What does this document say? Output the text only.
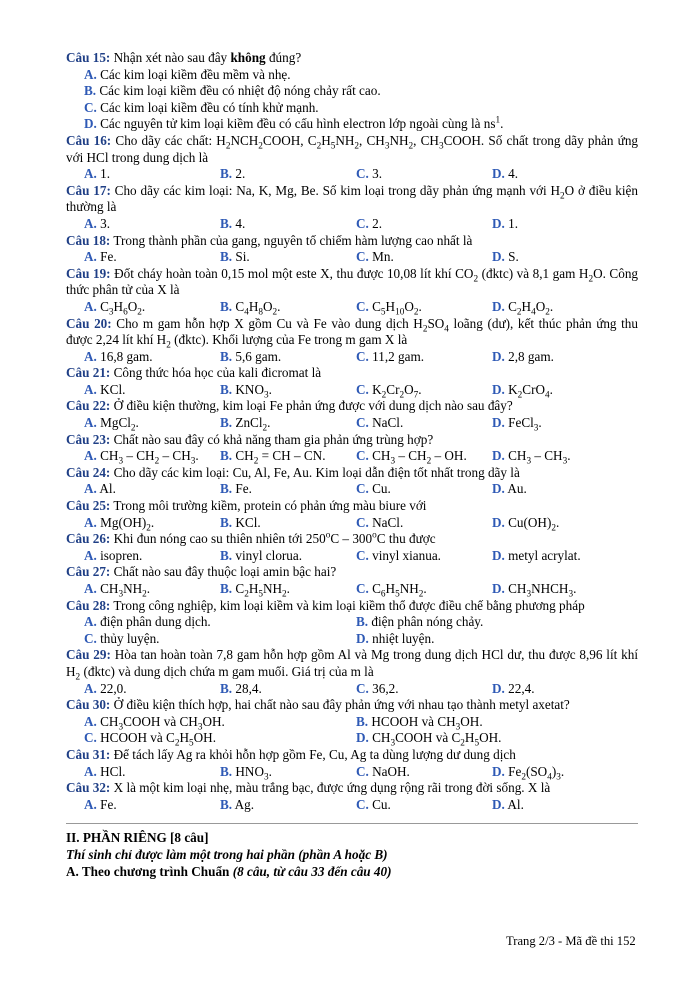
Câu 15: Nhận xét nào sau đây không đúng?
A. Các kim loại kiềm đều mềm và nhẹ.
B. Các kim loại kiềm đều có nhiệt độ nóng chảy rất cao.
C. Các kim loại kiềm đều có tính khử mạnh.
D. Các nguyên tử kim loại kiềm đều có cấu hình electron lớp ngoài cùng là $ns^1$.
Câu 16: Cho dãy các chất: $H_2NCH_2COOH$, $C_2H_5NH_2$, $CH_3NH_2$, $CH_3COOH$. Số chất trong dãy phản ứng với HCl trong dung dịch là
A. 1.	B. 2.	C. 3.	D. 4.
Câu 17: Cho dãy các kim loại: Na, K, Mg, Be. Số kim loại trong dãy phản ứng mạnh với $H_2O$ ở điều kiện thường là
A. 3.	B. 4.	C. 2.	D. 1.
Câu 18: Trong thành phần của gang, nguyên tố chiếm hàm lượng cao nhất là
A. Fe.	B. Si.	C. Mn.	D. S.
Câu 19: Đốt cháy hoàn toàn 0,15 mol một este X, thu được 10,08 lít khí $CO_2$ (đktc) và 8,1 gam $H_2O$. Công thức phân tử của X là
A. $C_3H_6O_2$.	B. $C_4H_8O_2$.	C. $C_5H_{10}O_2$.	D. $C_2H_4O_2$.
Câu 20: Cho m gam hỗn hợp X gồm Cu và Fe vào dung dịch $H_2SO_4$ loãng (dư), kết thúc phản ứng thu được 2,24 lít khí $H_2$ (đktc). Khối lượng của Fe trong m gam X là
A. 16,8 gam.	B. 5,6 gam.	C. 11,2 gam.	D. 2,8 gam.
Câu 21: Công thức hóa học của kali đicromat là
A. KCl.	B. $KNO_3$.	C. $K_2Cr_2O_7$.	D. $K_2CrO_4$.
Câu 22: Ở điều kiện thường, kim loại Fe phản ứng được với dung dịch nào sau đây?
A. MgCl$_2$.	B. ZnCl$_2$.	C. NaCl.	D. FeCl$_3$.
Câu 23: Chất nào sau đây có khả năng tham gia phản ứng trùng hợp?
A. $CH_3 - CH_2 - CH_3$.	B. $CH_2$ = CH – CN.	C. $CH_3 - CH_2$ – OH.	D. $CH_3 - CH_3$.
Câu 24: Cho dãy các kim loại: Cu, Al, Fe, Au. Kim loại dẫn điện tốt nhất trong dãy là
A. Al.	B. Fe.	C. Cu.	D. Au.
Câu 25: Trong môi trường kiềm, protein có phản ứng màu biure với
A. $Mg(OH)_2$.	B. KCl.	C. NaCl.	D. $Cu(OH)_2$.
Câu 26: Khi đun nóng cao su thiên nhiên tới 250$^o$C – 300$^o$C thu được
A. isopren.	B. vinyl clorua.	C. vinyl xianua.	D. metyl acrylat.
Câu 27: Chất nào sau đây thuộc loại amin bậc hai?
A. $CH_3NH_2$.	B. $C_2H_5NH_2$.	C. $C_6H_5NH_2$.	D. $CH_3NHCH_3$.
Câu 28: Trong công nghiệp, kim loại kiềm và kim loại kiềm thổ được điều chế bằng phương pháp
A. điện phân dung dịch.	B. điện phân nóng chảy.
C. thủy luyện.	D. nhiệt luyện.
Câu 29: Hòa tan hoàn toàn 7,8 gam hỗn hợp gồm Al và Mg trong dung dịch HCl dư, thu được 8,96 lít khí $H_2$ (đktc) và dung dịch chứa m gam muối. Giá trị của m là
A. 22,0.	B. 28,4.	C. 36,2.	D. 22,4.
Câu 30: Ở điều kiện thích hợp, hai chất nào sau đây phản ứng với nhau tạo thành metyl axetat?
A. $CH_3COOH$ và $CH_3OH$.	B. HCOOH và $CH_3OH$.
C. HCOOH và $C_2H_5OH$.	D. $CH_3COOH$ và $C_2H_5OH$.
Câu 31: Để tách lấy Ag ra khỏi hỗn hợp gồm Fe, Cu, Ag ta dùng lượng dư dung dịch
A. HCl.	B. $HNO_3$.	C. NaOH.	D. $Fe_2(SO_4)_3$.
Câu 32: X là một kim loại nhẹ, màu trắng bạc, được ứng dụng rộng rãi trong đời sống. X là
A. Fe.	B. Ag.	C. Cu.	D. Al.
II. PHẦN RIÊNG [8 câu]
Thí sinh chỉ được làm một trong hai phần (phần A hoặc B)
A. Theo chương trình Chuẩn (8 câu, từ câu 33 đến câu 40)
Trang 2/3 - Mã đề thi 152
